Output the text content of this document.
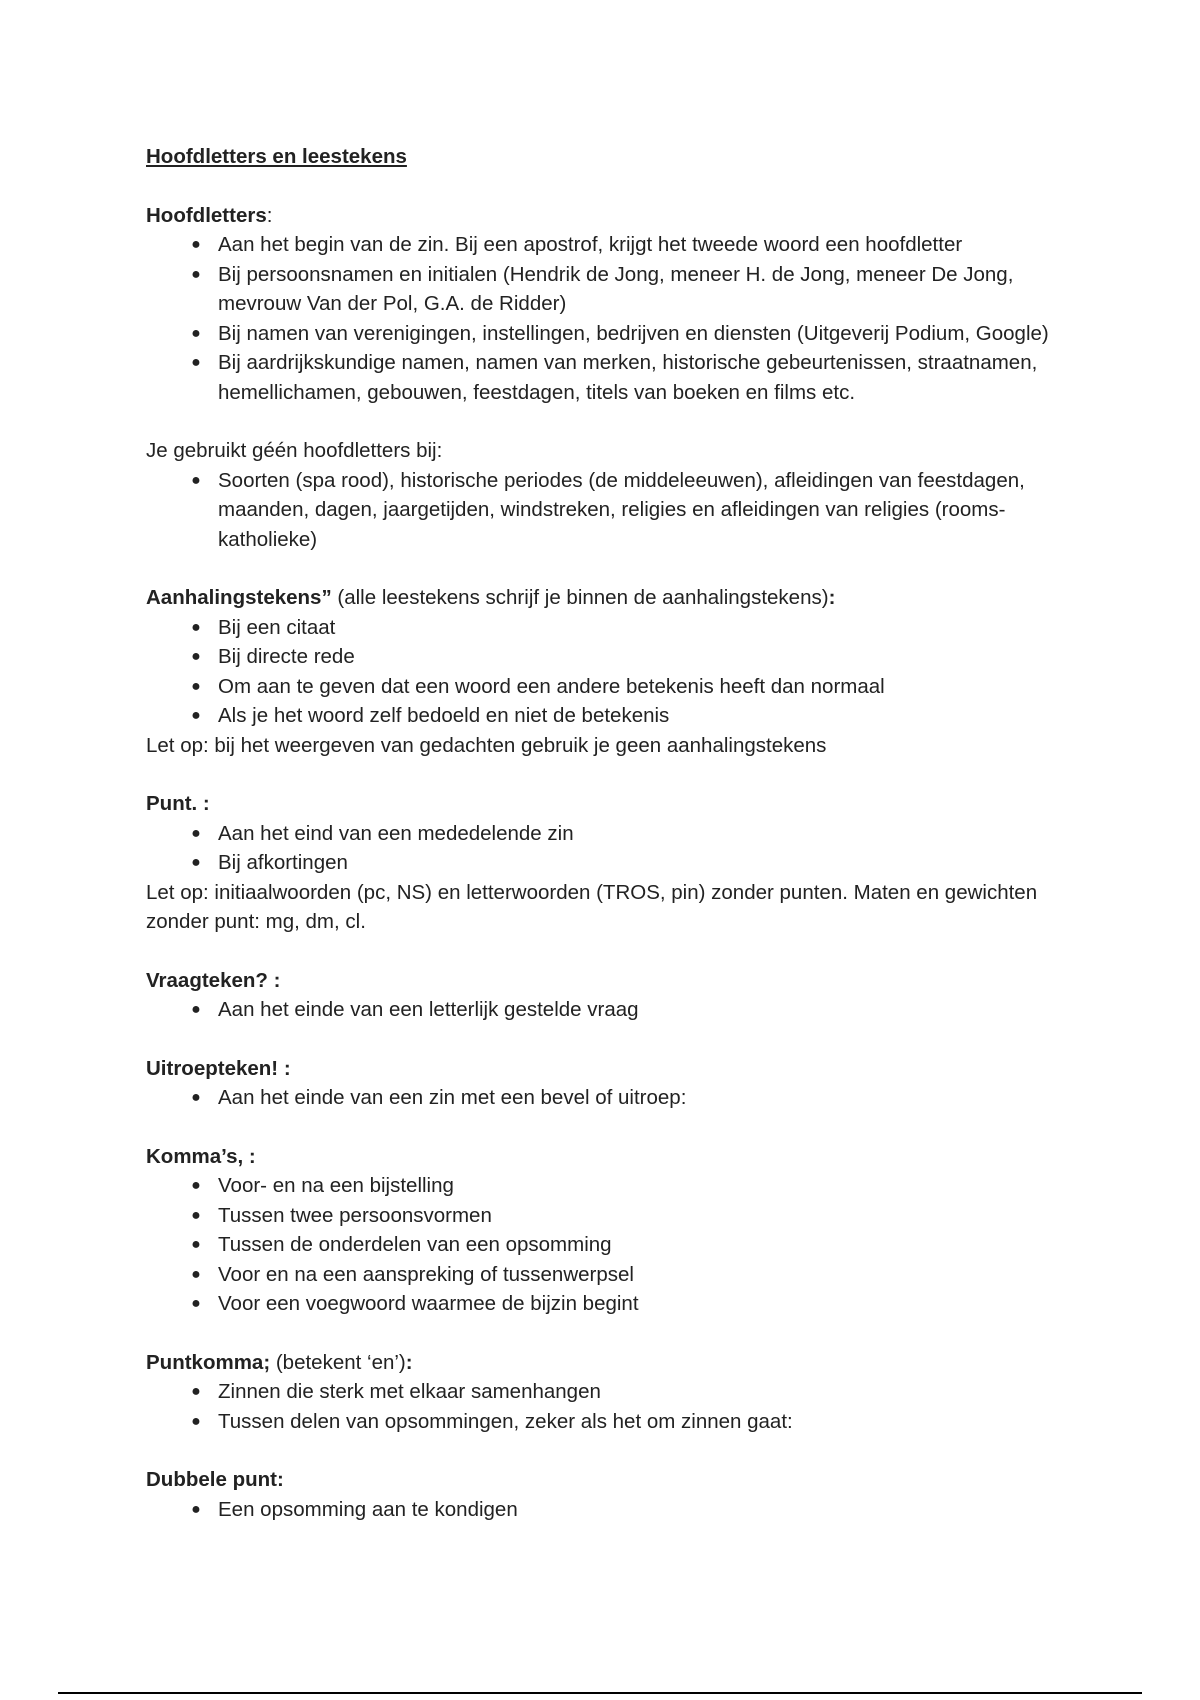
Hoofdletters en leestekens

Hoofdletters:

● Aan het begin van de zin. Bij een apostrof, krijgt het tweede woord een hoofdletter
● Bij persoonsnamen en initialen (Hendrik de Jong, meneer H. de Jong, meneer De Jong, mevrouw Van der Pol, G.A. de Ridder)
● Bij namen van verenigingen, instellingen, bedrijven en diensten (Uitgeverij Podium, Google)
● Bij aardrijkskundige namen, namen van merken, historische gebeurtenissen, straatnamen, hemellichamen, gebouwen, feestdagen, titels van boeken en films etc.

Je gebruikt géén hoofdletters bij:

● Soorten (spa rood), historische periodes (de middeleeuwen), afleidingen van feestdagen, maanden, dagen, jaargetijden, windstreken, religies en afleidingen van religies (rooms-katholieke)

Aanhalingstekens” (alle leestekens schrijf je binnen de aanhalingstekens):

● Bij een citaat
● Bij directe rede
● Om aan te geven dat een woord een andere betekenis heeft dan normaal
● Als je het woord zelf bedoeld en niet de betekenis

Let op: bij het weergeven van gedachten gebruik je geen aanhalingstekens

Punt. :

● Aan het eind van een mededelende zin
● Bij afkortingen

Let op: initiaalwoorden (pc, NS) en letterwoorden (TROS, pin) zonder punten. Maten en gewichten zonder punt: mg, dm, cl.

Vraagteken? :

● Aan het einde van een letterlijk gestelde vraag

Uitroepteken! :

● Aan het einde van een zin met een bevel of uitroep:

Komma’s, :

● Voor- en na een bijstelling
● Tussen twee persoonsvormen
● Tussen de onderdelen van een opsomming
● Voor en na een aanspreking of tussenwerpsel
● Voor een voegwoord waarmee de bijzin begint

Puntkomma; (betekent ‘en’):

● Zinnen die sterk met elkaar samenhangen
● Tussen delen van opsommingen, zeker als het om zinnen gaat:

Dubbele punt:

● Een opsomming aan te kondigen
